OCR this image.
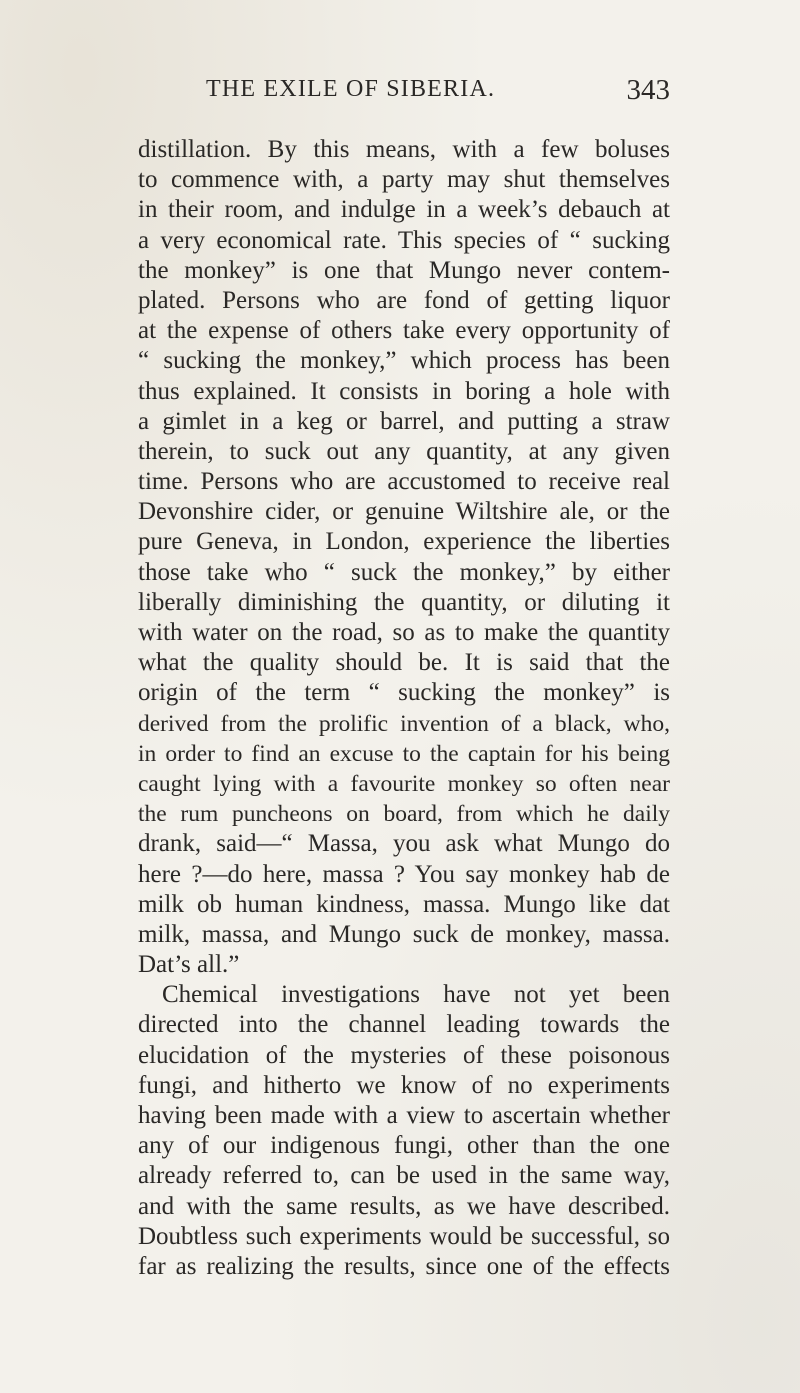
THE EXILE OF SIBERIA.	343
distillation. By this means, with a few boluses
to commence with, a party may shut themselves
in their room, and indulge in a week’s debauch at
a very economical rate. This species of “ sucking
the monkey” is one that Mungo never contem-
plated. Persons who are fond of getting liquor
at the expense of others take every opportunity of
“ sucking the monkey,” which process has been
thus explained. It consists in boring a hole with
a gimlet in a keg or barrel, and putting a straw
therein, to suck out any quantity, at any given
time. Persons who are accustomed to receive real
Devonshire cider, or genuine Wiltshire ale, or the
pure Geneva, in London, experience the liberties
those take who “ suck the monkey,” by either
liberally diminishing the quantity, or diluting it
with water on the road, so as to make the quantity
what the quality should be. It is said that the
origin of the term “ sucking the monkey” is
derived from the prolific invention of a black, who,
in order to find an excuse to the captain for his being
caught lying with a favourite monkey so often near
the rum puncheons on board, from which he daily
drank, said—“ Massa, you ask what Mungo do
here ?—do here, massa ? You say monkey hab de
milk ob human kindness, massa. Mungo like dat
milk, massa, and Mungo suck de monkey, massa.
Dat’s all.”
Chemical investigations have not yet been
directed into the channel leading towards the
elucidation of the mysteries of these poisonous
fungi, and hitherto we know of no experiments
having been made with a view to ascertain whether
any of our indigenous fungi, other than the one
already referred to, can be used in the same way,
and with the same results, as we have described.
Doubtless such experiments would be successful, so
far as realizing the results, since one of the effects
